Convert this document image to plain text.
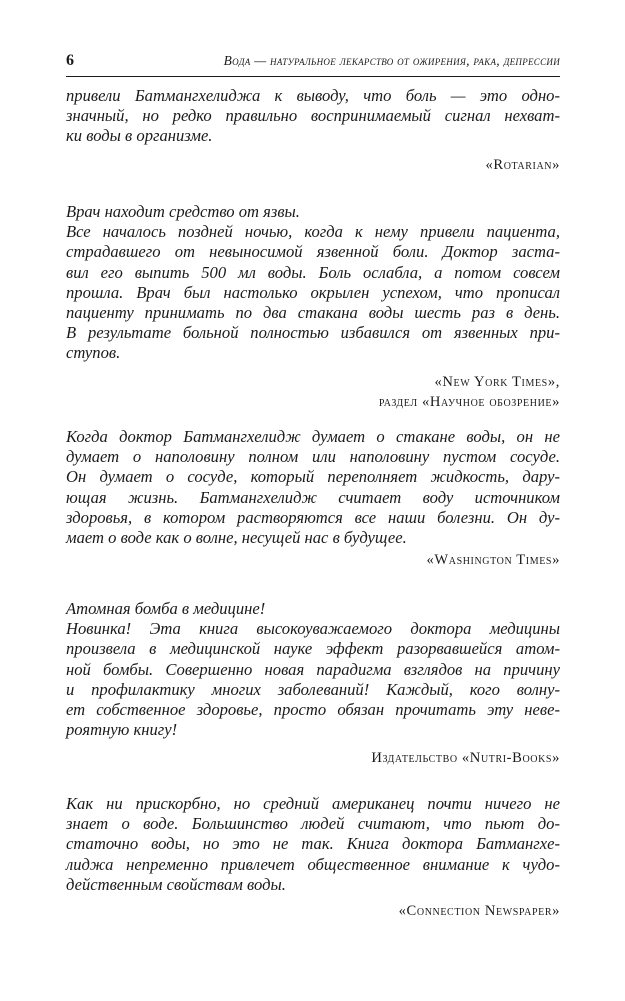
6	Вода — натуральное лекарство от ожирения, рака, депрессии
привели Батмангхелиджа к выводу, что боль — это одно-
значный, но редко правильно воспринимаемый сигнал нехват-
ки воды в организме.
«Rotarian»
Врач находит средство от язвы.
Все началось поздней ночью, когда к нему привели пациента,
страдавшего от невыносимой язвенной боли. Доктор заста-
вил его выпить 500 мл воды. Боль ослабла, а потом совсем
прошла. Врач был настолько окрылен успехом, что прописал
пациенту принимать по два стакана воды шесть раз в день.
В результате больной полностью избавился от язвенных при-
ступов.
«New York Times»,
раздел «Научное обозрение»
Когда доктор Батмангхелидж думает о стакане воды, он не
думает о наполовину полном или наполовину пустом сосуде.
Он думает о сосуде, который переполняет жидкость, дару-
ющая жизнь. Батмангхелидж считает воду источником
здоровья, в котором растворяются все наши болезни. Он ду-
мает о воде как о волне, несущей нас в будущее.
«Washington Times»
Атомная бомба в медицине!
Новинка! Эта книга высокоуважаемого доктора медицины
произвела в медицинской науке эффект разорвавшейся атом-
ной бомбы. Совершенно новая парадигма взглядов на причину
и профилактику многих заболеваний! Каждый, кого волну-
ет собственное здоровье, просто обязан прочитать эту неве-
роятную книгу!
Издательство «Nutri-Books»
Как ни прискорбно, но средний американец почти ничего не
знает о воде. Большинство людей считают, что пьют до-
статочно воды, но это не так. Книга доктора Батмангхе-
лиджа непременно привлечет общественное внимание к чудо-
действенным свойствам воды.
«Connection Newspaper»
